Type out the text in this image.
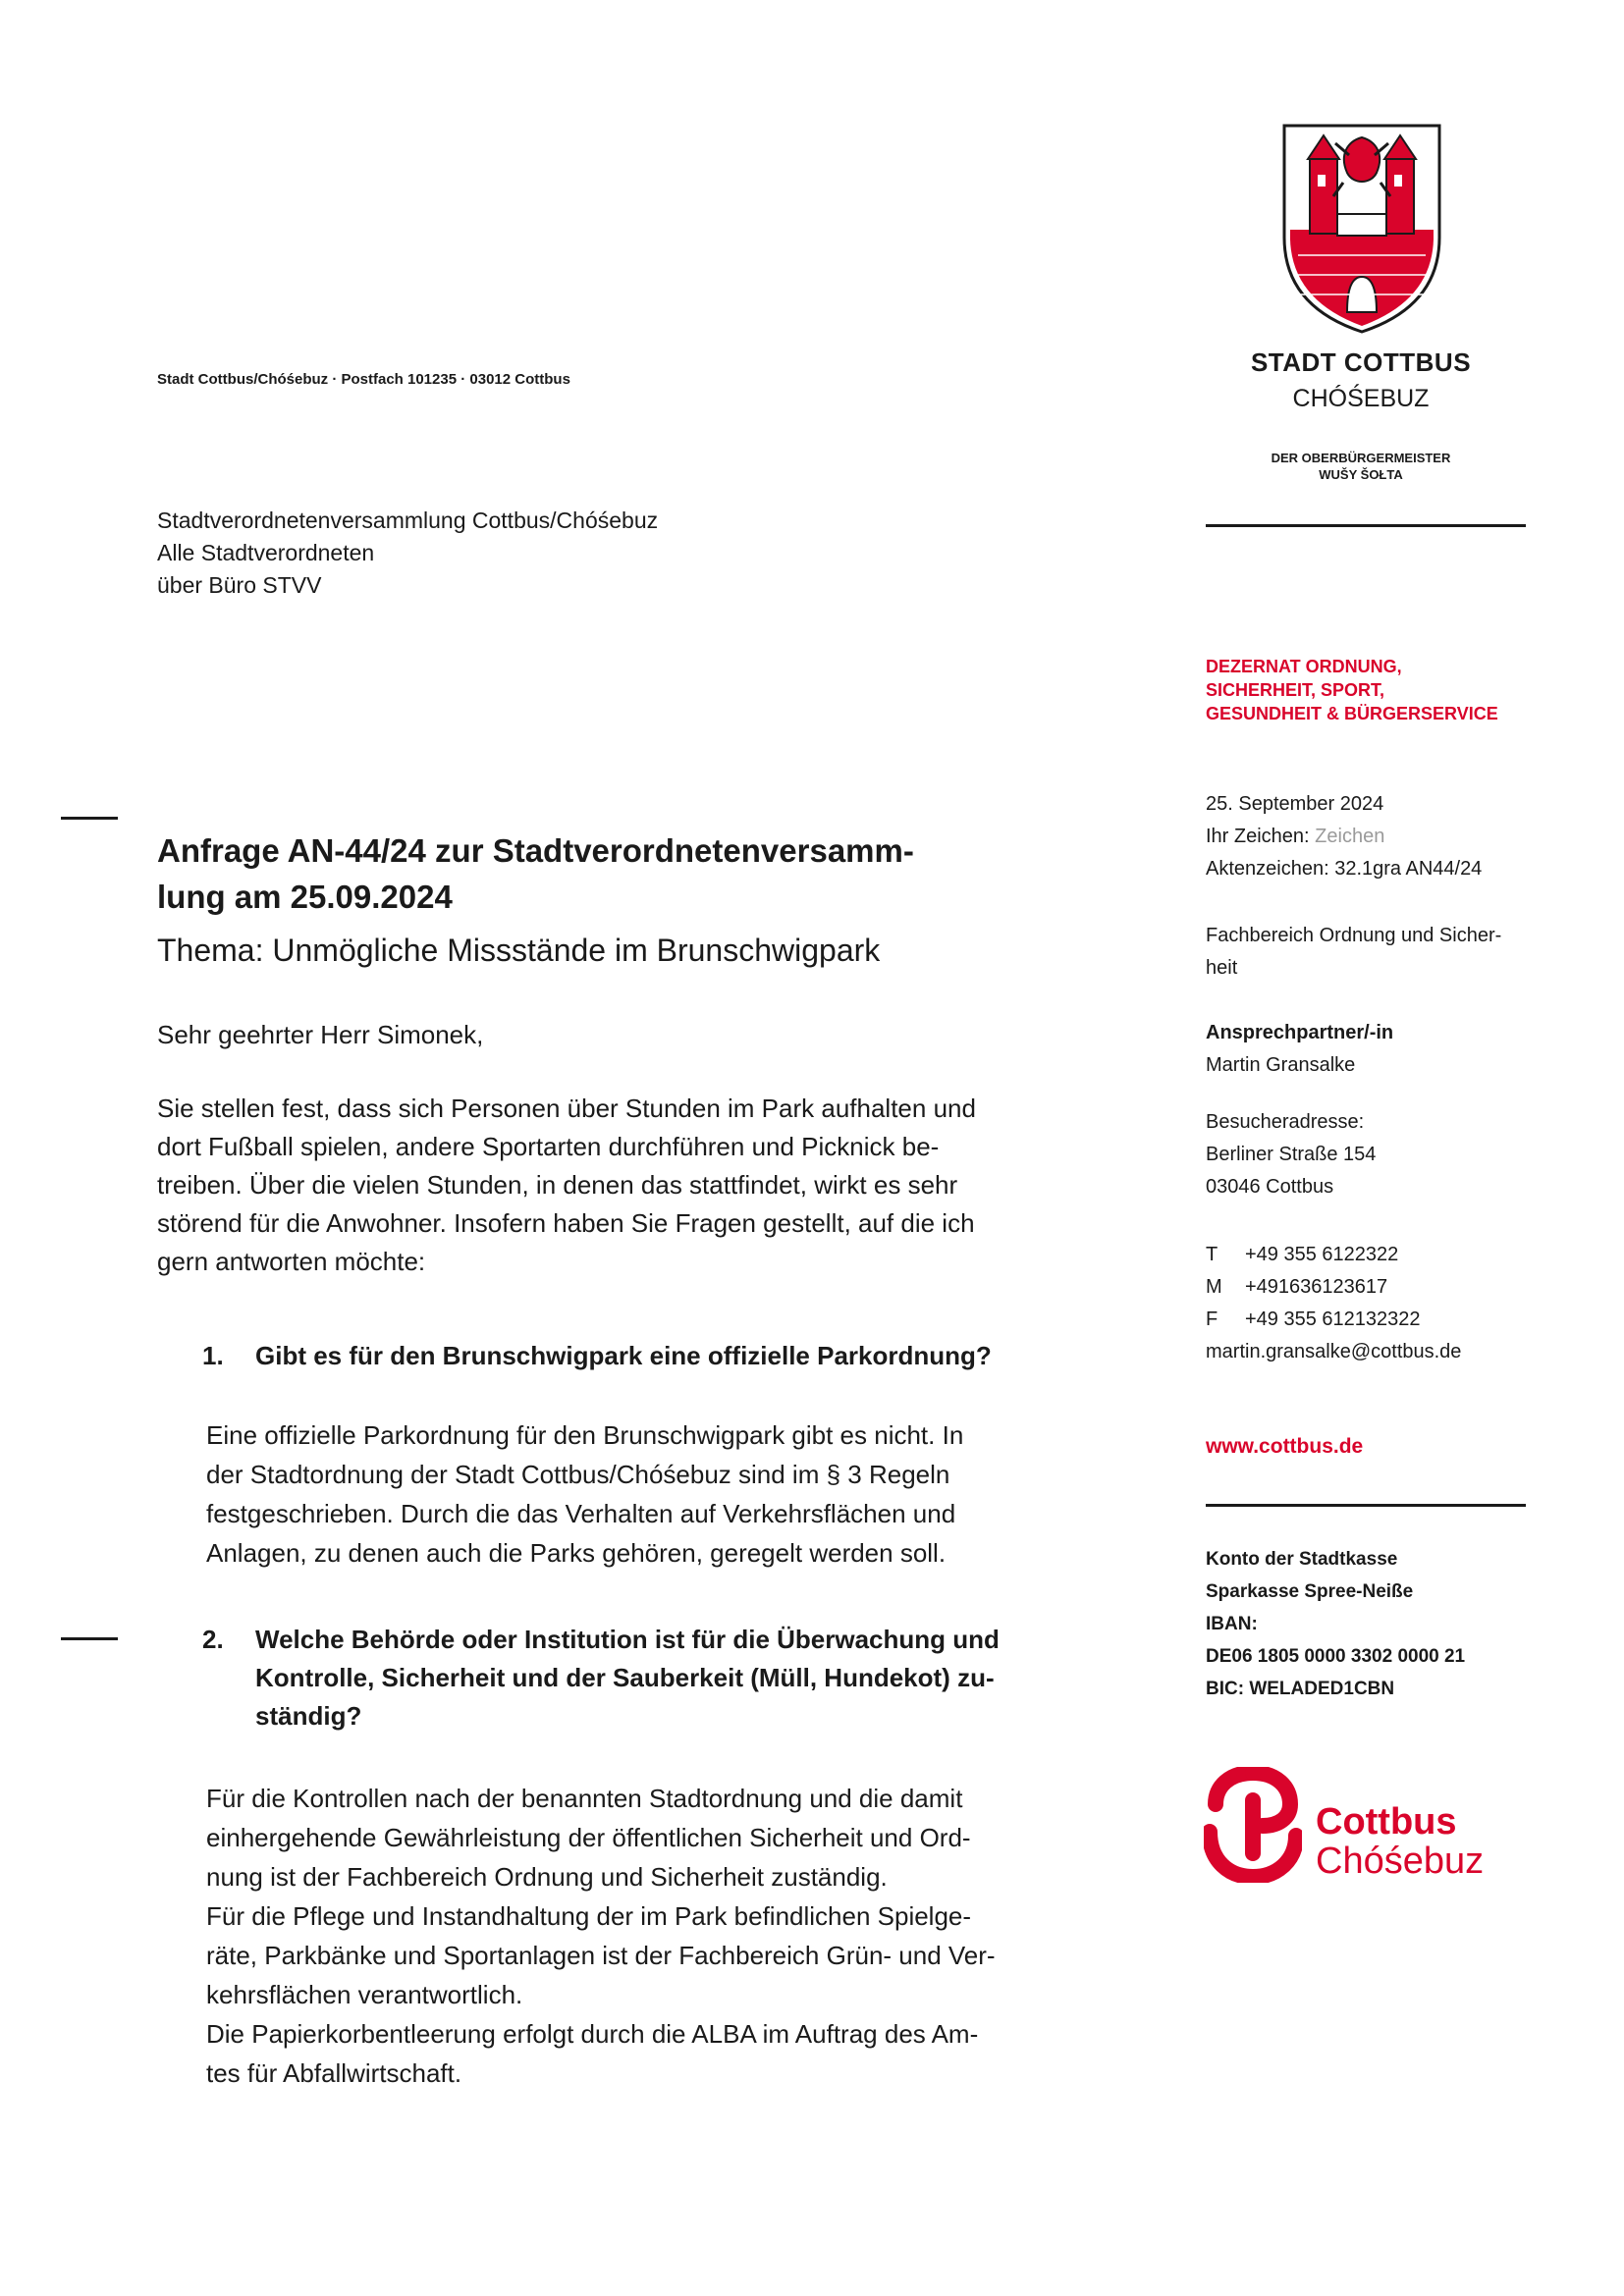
Stadt Cottbus/Chóśebuz · Postfach 101235 · 03012 Cottbus
Stadtverordnetenversammlung Cottbus/Chóśebuz
Alle Stadtverordneten
über Büro STVV
Anfrage AN-44/24 zur Stadtverordnetenversamm-
lung am 25.09.2024
Thema: Unmögliche Missstände im Brunschwigpark
Sehr geehrter Herr Simonek,
Sie stellen fest, dass sich Personen über Stunden im Park aufhalten und
dort Fußball spielen, andere Sportarten durchführen und Picknick be-
treiben. Über die vielen Stunden, in denen das stattfindet, wirkt es sehr
störend für die Anwohner. Insofern haben Sie Fragen gestellt, auf die ich
gern antworten möchte:
1. Gibt es für den Brunschwigpark eine offizielle Parkordnung?
Eine offizielle Parkordnung für den Brunschwigpark gibt es nicht. In
der Stadtordnung der Stadt Cottbus/Chóśebuz sind im § 3 Regeln
festgeschrieben. Durch die das Verhalten auf Verkehrsflächen und
Anlagen, zu denen auch die Parks gehören, geregelt werden soll.
2. Welche Behörde oder Institution ist für die Überwachung und
Kontrolle, Sicherheit und der Sauberkeit (Müll, Hundekot) zu-
ständig?
Für die Kontrollen nach der benannten Stadtordnung und die damit
einhergehende Gewährleistung der öffentlichen Sicherheit und Ord-
nung ist der Fachbereich Ordnung und Sicherheit zuständig.
Für die Pflege und Instandhaltung der im Park befindlichen Spielge-
räte, Parkbänke und Sportanlagen ist der Fachbereich Grün- und Ver-
kehrsflächen verantwortlich.
Die Papierkorbentleerung erfolgt durch die ALBA im Auftrag des Am-
tes für Abfallwirtschaft.
STADT COTTBUS
CHÓŚEBUZ
DER OBERBÜRGERMEISTER
WUŠY ŠOŁTA
DEZERNAT ORDNUNG,
SICHERHEIT, SPORT,
GESUNDHEIT & BÜRGERSERVICE
25. September 2024
Ihr Zeichen: Zeichen
Aktenzeichen: 32.1gra AN44/24
Fachbereich Ordnung und Sicher-
heit
Ansprechpartner/-in
Martin Gransalke
Besucheradresse:
Berliner Straße 154
03046 Cottbus
T	+49 355 6122322
M	+491636123617
F	+49 355 612132322
martin.gransalke@cottbus.de
www.cottbus.de
Konto der Stadtkasse
Sparkasse Spree-Neiße
IBAN:
DE06 1805 0000 3302 0000 21
BIC: WELADED1CBN
Cottbus
Chóśebuz
